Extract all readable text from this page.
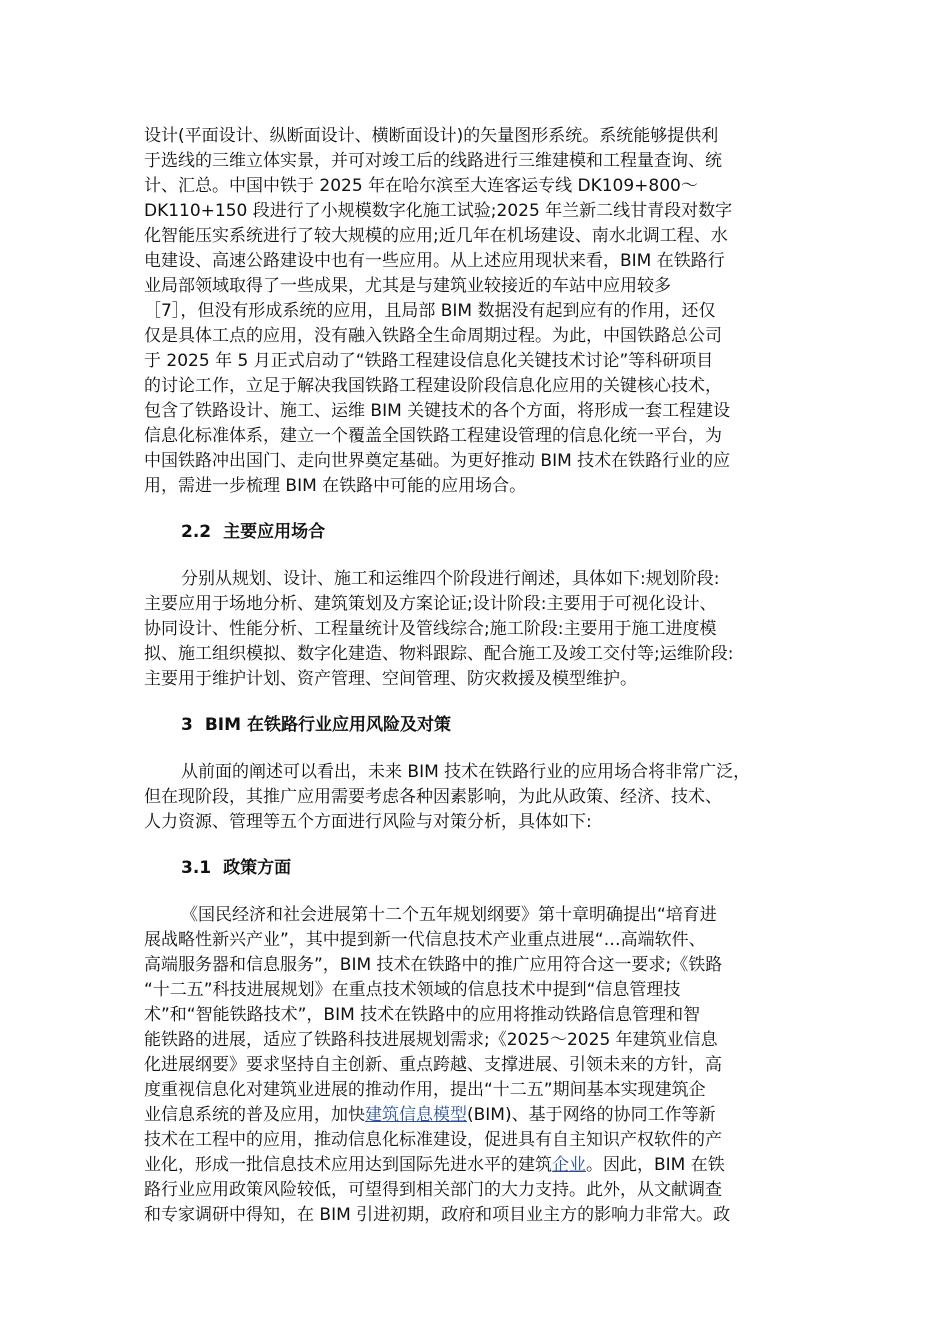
设计(平面设计、纵断面设计、横断面设计)的矢量图形系统。系统能够提供利
于选线的三维立体实景，并可对竣工后的线路进行三维建模和工程量查询、统
计、汇总。中国中铁于 2025 年在哈尔滨至大连客运专线 DK109+800～
DK110+150 段进行了小规模数字化施工试验;2025 年兰新二线甘青段对数字
化智能压实系统进行了较大规模的应用;近几年在机场建设、南水北调工程、水
电建设、高速公路建设中也有一些应用。从上述应用现状来看，BIM 在铁路行
业局部领域取得了一些成果，尤其是与建筑业较接近的车站中应用较多
［7］，但没有形成系统的应用，且局部 BIM 数据没有起到应有的作用，还仅
仅是具体工点的应用，没有融入铁路全生命周期过程。为此，中国铁路总公司
于 2025 年 5 月正式启动了“铁路工程建设信息化关键技术讨论”等科研项目
的讨论工作，立足于解决我国铁路工程建设阶段信息化应用的关键核心技术，
包含了铁路设计、施工、运维 BIM 关键技术的各个方面，将形成一套工程建设
信息化标准体系，建立一个覆盖全国铁路工程建设管理的信息化统一平台，为
中国铁路冲出国门、走向世界奠定基础。为更好推动 BIM 技术在铁路行业的应
用，需进一步梳理 BIM 在铁路中可能的应用场合。
2.2 主要应用场合
分别从规划、设计、施工和运维四个阶段进行阐述，具体如下:规划阶段:
主要应用于场地分析、建筑策划及方案论证;设计阶段:主要用于可视化设计、
协同设计、性能分析、工程量统计及管线综合;施工阶段:主要用于施工进度模
拟、施工组织模拟、数字化建造、物料跟踪、配合施工及竣工交付等;运维阶段:
主要用于维护计划、资产管理、空间管理、防灾救援及模型维护。
3 BIM 在铁路行业应用风险及对策
从前面的阐述可以看出，未来 BIM 技术在铁路行业的应用场合将非常广泛，
但在现阶段，其推广应用需要考虑各种因素影响，为此从政策、经济、技术、
人力资源、管理等五个方面进行风险与对策分析，具体如下:
3.1 政策方面
《国民经济和社会进展第十二个五年规划纲要》第十章明确提出“培育进
展战略性新兴产业”，其中提到新一代信息技术产业重点进展“…高端软件、
高端服务器和信息服务”，BIM 技术在铁路中的推广应用符合这一要求;《铁路
“十二五”科技进展规划》在重点技术领域的信息技术中提到“信息管理技
术”和“智能铁路技术”，BIM 技术在铁路中的应用将推动铁路信息管理和智
能铁路的进展，适应了铁路科技进展规划需求;《2025～2025 年建筑业信息
化进展纲要》要求坚持自主创新、重点跨越、支撑进展、引领未来的方针，高
度重视信息化对建筑业进展的推动作用，提出“十二五”期间基本实现建筑企
业信息系统的普及应用，加快建筑信息模型(BIM)、基于网络的协同工作等新
技术在工程中的应用，推动信息化标准建设，促进具有自主知识产权软件的产
业化，形成一批信息技术应用达到国际先进水平的建筑企业。因此，BIM 在铁
路行业应用政策风险较低，可望得到相关部门的大力支持。此外，从文献调查
和专家调研中得知，在 BIM 引进初期，政府和项目业主方的影响力非常大。政
